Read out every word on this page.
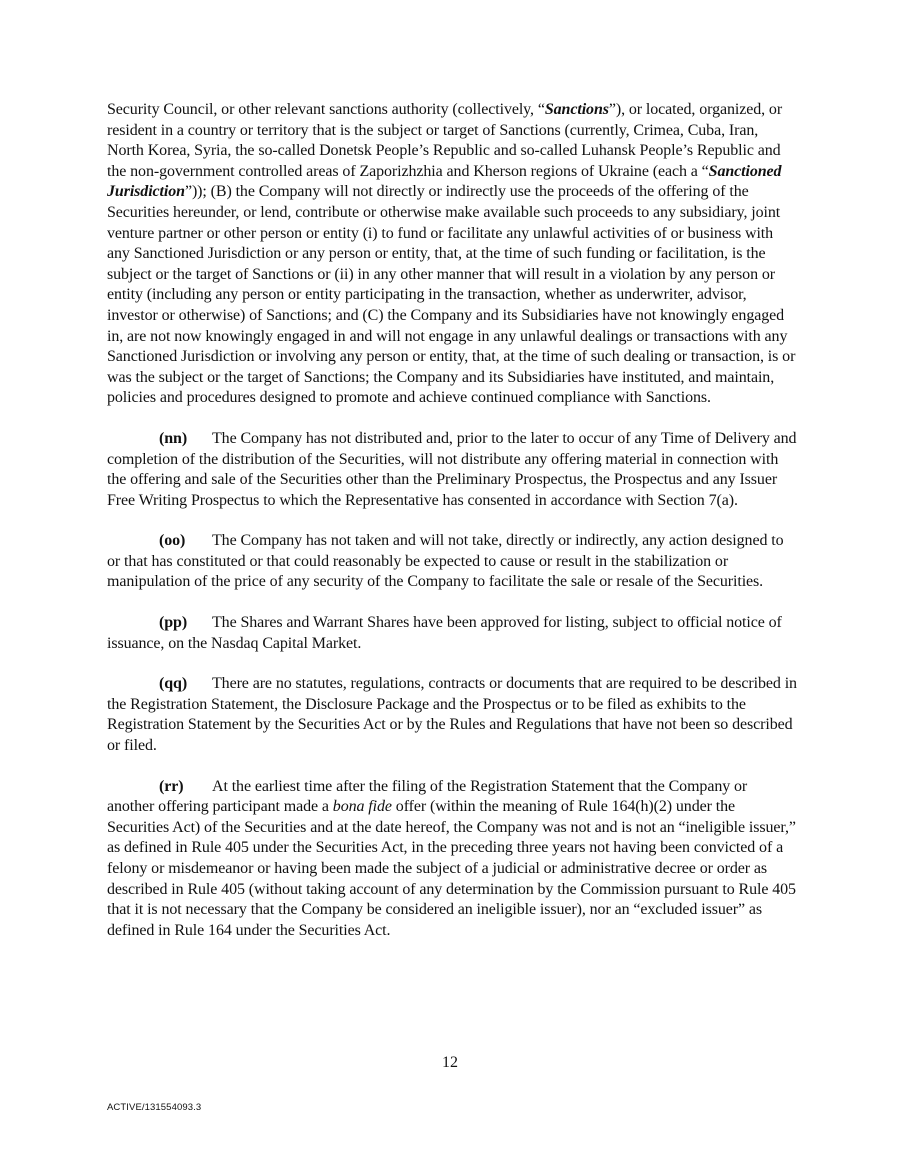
Security Council, or other relevant sanctions authority (collectively, “Sanctions”), or located, organized, or resident in a country or territory that is the subject or target of Sanctions (currently, Crimea, Cuba, Iran, North Korea, Syria, the so-called Donetsk People’s Republic and so-called Luhansk People’s Republic and the non-government controlled areas of Zaporizhzhia and Kherson regions of Ukraine (each a “Sanctioned Jurisdiction”)); (B) the Company will not directly or indirectly use the proceeds of the offering of the Securities hereunder, or lend, contribute or otherwise make available such proceeds to any subsidiary, joint venture partner or other person or entity (i) to fund or facilitate any unlawful activities of or business with any Sanctioned Jurisdiction or any person or entity, that, at the time of such funding or facilitation, is the subject or the target of Sanctions or (ii) in any other manner that will result in a violation by any person or entity (including any person or entity participating in the transaction, whether as underwriter, advisor, investor or otherwise) of Sanctions; and (C) the Company and its Subsidiaries have not knowingly engaged in, are not now knowingly engaged in and will not engage in any unlawful dealings or transactions with any Sanctioned Jurisdiction or involving any person or entity, that, at the time of such dealing or transaction, is or was the subject or the target of Sanctions; the Company and its Subsidiaries have instituted, and maintain, policies and procedures designed to promote and achieve continued compliance with Sanctions.

(nn) The Company has not distributed and, prior to the later to occur of any Time of Delivery and completion of the distribution of the Securities, will not distribute any offering material in connection with the offering and sale of the Securities other than the Preliminary Prospectus, the Prospectus and any Issuer Free Writing Prospectus to which the Representative has consented in accordance with Section 7(a).

(oo) The Company has not taken and will not take, directly or indirectly, any action designed to or that has constituted or that could reasonably be expected to cause or result in the stabilization or manipulation of the price of any security of the Company to facilitate the sale or resale of the Securities.

(pp) The Shares and Warrant Shares have been approved for listing, subject to official notice of issuance, on the Nasdaq Capital Market.

(qq) There are no statutes, regulations, contracts or documents that are required to be described in the Registration Statement, the Disclosure Package and the Prospectus or to be filed as exhibits to the Registration Statement by the Securities Act or by the Rules and Regulations that have not been so described or filed.

(rr) At the earliest time after the filing of the Registration Statement that the Company or another offering participant made a bona fide offer (within the meaning of Rule 164(h)(2) under the Securities Act) of the Securities and at the date hereof, the Company was not and is not an “ineligible issuer,” as defined in Rule 405 under the Securities Act, in the preceding three years not having been convicted of a felony or misdemeanor or having been made the subject of a judicial or administrative decree or order as described in Rule 405 (without taking account of any determination by the Commission pursuant to Rule 405 that it is not necessary that the Company be considered an ineligible issuer), nor an “excluded issuer” as defined in Rule 164 under the Securities Act.

12
ACTIVE/131554093.3
